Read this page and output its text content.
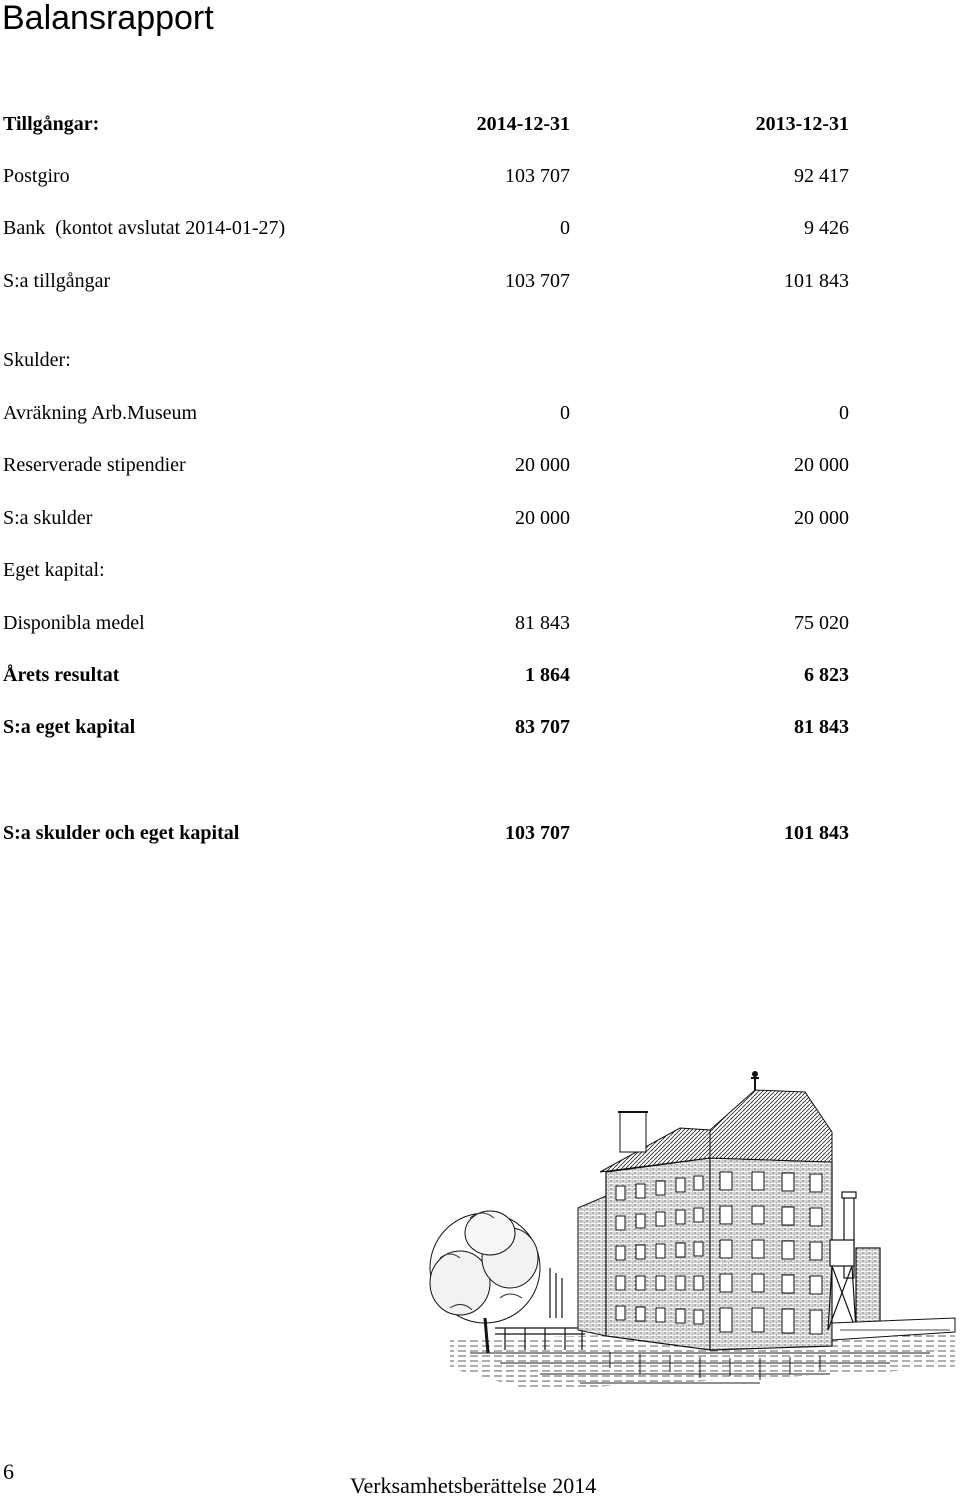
Balansrapport
Tillgångar:	2014-12-31	2013-12-31
Postgiro	103 707	92 417
Bank  (kontot avslutat 2014-01-27)	0	9 426
S:a tillgångar	103 707	101 843
Skulder:
Avräkning Arb.Museum	0	0
Reserverade stipendier	20 000	20 000
S:a skulder	20 000	20 000
Eget kapital:
Disponibla medel	81 843	75 020
Årets resultat	1 864	6 823
S:a eget kapital	83 707	81 843
S:a skulder och eget kapital	103 707	101 843
6
Verksamhetsberättelse 2014
